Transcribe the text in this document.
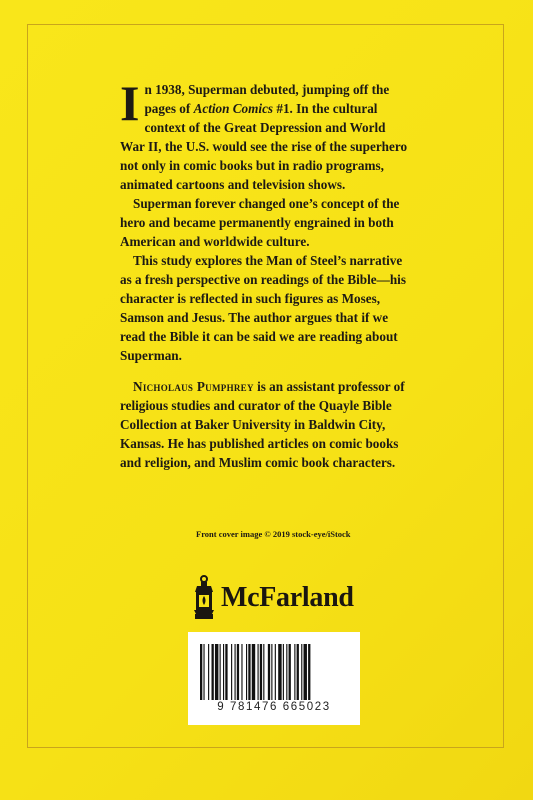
In 1938, Superman debuted, jumping off the pages of Action Comics #1. In the cultural context of the Great Depression and World War II, the U.S. would see the rise of the superhero not only in comic books but in radio programs, animated cartoons and television shows.

Superman forever changed one’s concept of the hero and became permanently engrained in both American and worldwide culture.

This study explores the Man of Steel’s narrative as a fresh perspective on readings of the Bible—his character is reflected in such figures as Moses, Samson and Jesus. The author argues that if we read the Bible it can be said we are reading about Superman.

Nicholaus Pumphrey is an assistant professor of religious studies and curator of the Quayle Bible Collection at Baker University in Baldwin City, Kansas. He has published articles on comic books and religion, and Muslim comic book characters.

Front cover image © 2019 stock-eye/iStock
McFarland
9 781476 665023
